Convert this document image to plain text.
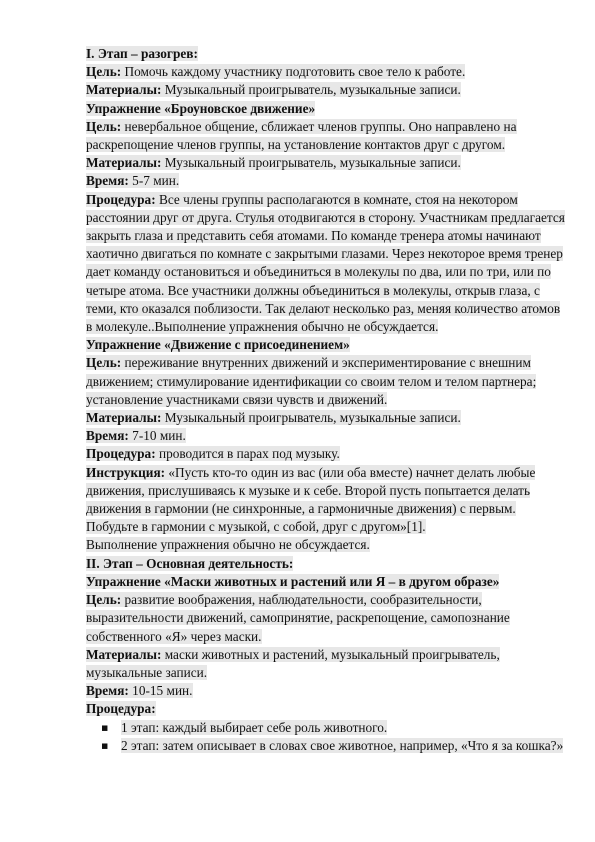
I. Этап – разогрев:

Цель: Помочь каждому участнику подготовить свое тело к работе.

Материалы: Музыкальный проигрыватель, музыкальные записи.

Упражнение «Броуновское движение»

Цель: невербальное общение, сближает членов группы. Оно направлено на раскрепощение членов группы, на установление контактов друг с другом.

Материалы: Музыкальный проигрыватель, музыкальные записи.

Время: 5-7 мин.

Процедура: Все члены группы располагаются в комнате, стоя на некотором расстоянии друг от друга. Стулья отодвигаются в сторону. Участникам предлагается закрыть глаза и представить себя атомами. По команде тренера атомы начинают хаотично двигаться по комнате с закрытыми глазами. Через некоторое время тренер дает команду остановиться и объединиться в молекулы по два, или по три, или по четыре атома. Все участники должны объединиться в молекулы, открыв глаза, с теми, кто оказался поблизости. Так делают несколько раз, меняя количество атомов в молекуле..Выполнение упражнения обычно не обсуждается.

Упражнение «Движение с присоединением»

Цель: переживание внутренних движений и экспериментирование с внешним движением; стимулирование идентификации со своим телом и телом партнера; установление участниками связи чувств и движений.

Материалы: Музыкальный проигрыватель, музыкальные записи.

Время: 7-10 мин.

Процедура: проводится в парах под музыку.

Инструкция: «Пусть кто-то один из вас (или оба вместе) начнет делать любые движения, прислушиваясь к музыке и к себе. Второй пусть попытается делать движения в гармонии (не синхронные, а гармоничные движения) с первым. Побудьте в гармонии с музыкой, с собой, друг с другом»[1].

Выполнение упражнения обычно не обсуждается.

II. Этап – Основная деятельность:

Упражнение «Маски животных и растений или Я – в другом образе»

Цель: развитие воображения, наблюдательности, сообразительности, выразительности движений, самопринятие, раскрепощение, самопознание собственного «Я» через маски.

Материалы: маски животных и растений, музыкальный проигрыватель, музыкальные записи.

Время: 10-15 мин.

Процедура:

▪ 1 этап: каждый выбирает себе роль животного.
▪ 2 этап: затем описывает в словах свое животное, например, «Что я за кошка?»
